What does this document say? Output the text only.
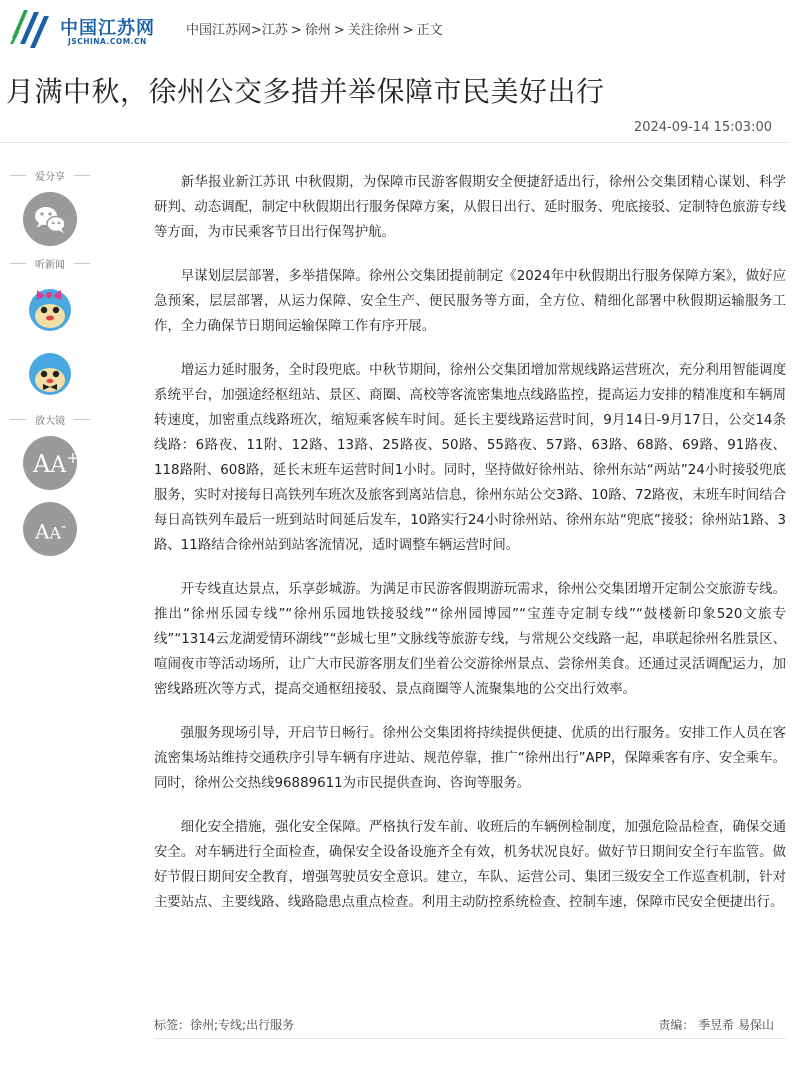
中国江苏网
JSCHINA.COM.CN
中国江苏网>江苏 > 徐州 > 关注徐州 > 正文
月满中秋，徐州公交多措并举保障市民美好出行
2024-09-14 15:03:00
爱分享
听新闻
放大镜
AA+
AA-

新华报业新江苏讯 中秋假期，为保障市民游客假期安全便捷舒适出行，徐州公交集团精心谋划、科学研判、动态调配，制定中秋假期出行服务保障方案，从假日出行、延时服务、兜底接驳、定制特色旅游专线等方面，为市民乘客节日出行保驾护航。

早谋划层层部署，多举措保障。徐州公交集团提前制定《2024年中秋假期出行服务保障方案》，做好应急预案，层层部署，从运力保障、安全生产、便民服务等方面，全方位、精细化部署中秋假期运输服务工作，全力确保节日期间运输保障工作有序开展。

增运力延时服务，全时段兜底。中秋节期间，徐州公交集团增加常规线路运营班次，充分利用智能调度系统平台，加强途经枢纽站、景区、商圈、高校等客流密集地点线路监控，提高运力安排的精准度和车辆周转速度，加密重点线路班次，缩短乘客候车时间。延长主要线路运营时间，9月14日-9月17日，公交14条线路：6路夜、11附、12路、13路、25路夜、50路、55路夜、57路、63路、68路、69路、91路夜、118路附、608路，延长末班车运营时间1小时。同时，坚持做好徐州站、徐州东站“两站”24小时接驳兜底服务，实时对接每日高铁列车班次及旅客到离站信息，徐州东站公交3路、10路、72路夜，末班车时间结合每日高铁列车最后一班到站时间延后发车，10路实行24小时徐州站、徐州东站“兜底”接驳；徐州站1路、3路、11路结合徐州站到站客流情况，适时调整车辆运营时间。

开专线直达景点，乐享彭城游。为满足市民游客假期游玩需求，徐州公交集团增开定制公交旅游专线。推出“徐州乐园专线”“徐州乐园地铁接驳线”“徐州园博园”“宝莲寺定制专线”“鼓楼新印象520文旅专线”“1314云龙湖爱情环湖线”“彭城七里”文脉线等旅游专线，与常规公交线路一起，串联起徐州名胜景区、喧闹夜市等活动场所，让广大市民游客朋友们坐着公交游徐州景点、尝徐州美食。还通过灵活调配运力，加密线路班次等方式，提高交通枢纽接驳、景点商圈等人流聚集地的公交出行效率。

强服务现场引导，开启节日畅行。徐州公交集团将持续提供便捷、优质的出行服务。安排工作人员在客流密集场站维持交通秩序引导车辆有序进站、规范停靠，推广“徐州出行”APP，保障乘客有序、安全乘车。同时，徐州公交热线96889611为市民提供查询、咨询等服务。

细化安全措施，强化安全保障。严格执行发车前、收班后的车辆例检制度，加强危险品检查，确保交通安全。对车辆进行全面检查，确保安全设备设施齐全有效，机务状况良好。做好节日期间安全行车监管。做好节假日期间安全教育，增强驾驶员安全意识。建立，车队、运营公司、集团三级安全工作巡查机制，针对主要站点、主要线路、线路隐患点重点检查。利用主动防控系统检查、控制车速，保障市民安全便捷出行。

标签：徐州;专线;出行服务	责编： 季昱希 易保山
